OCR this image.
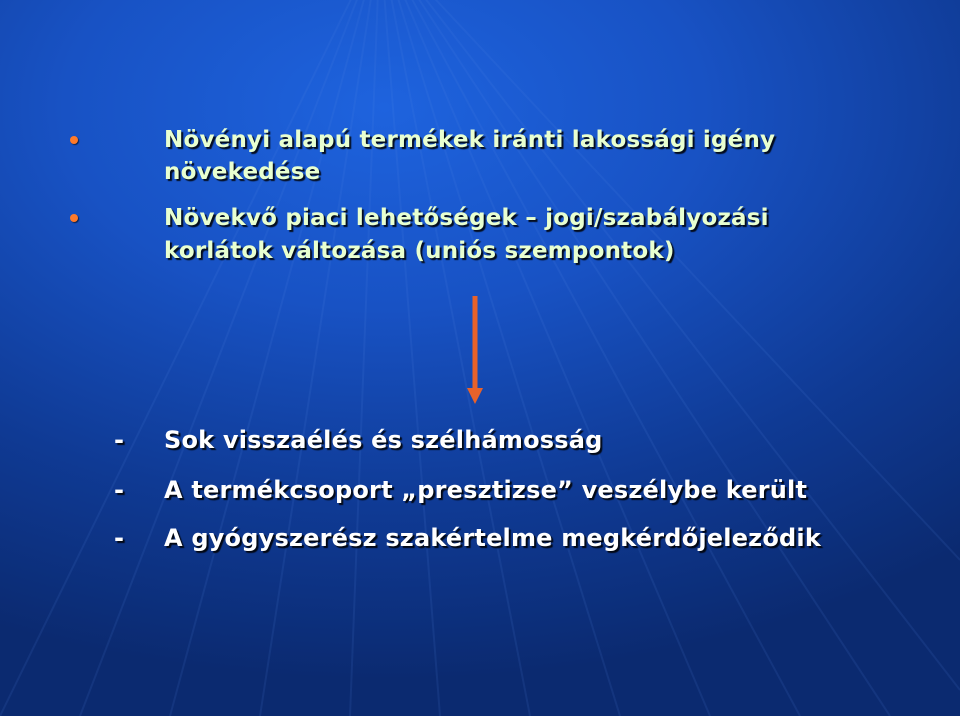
Növényi alapú termékek iránti lakossági igény
növekedése
Növekvő piaci lehetőségek – jogi/szabályozási
korlátok változása (uniós szempontok)
- Sok visszaélés és szélhámosság
- A termékcsoport „presztizse” veszélybe került
- A gyógyszerész szakértelme megkérdőjeleződik
